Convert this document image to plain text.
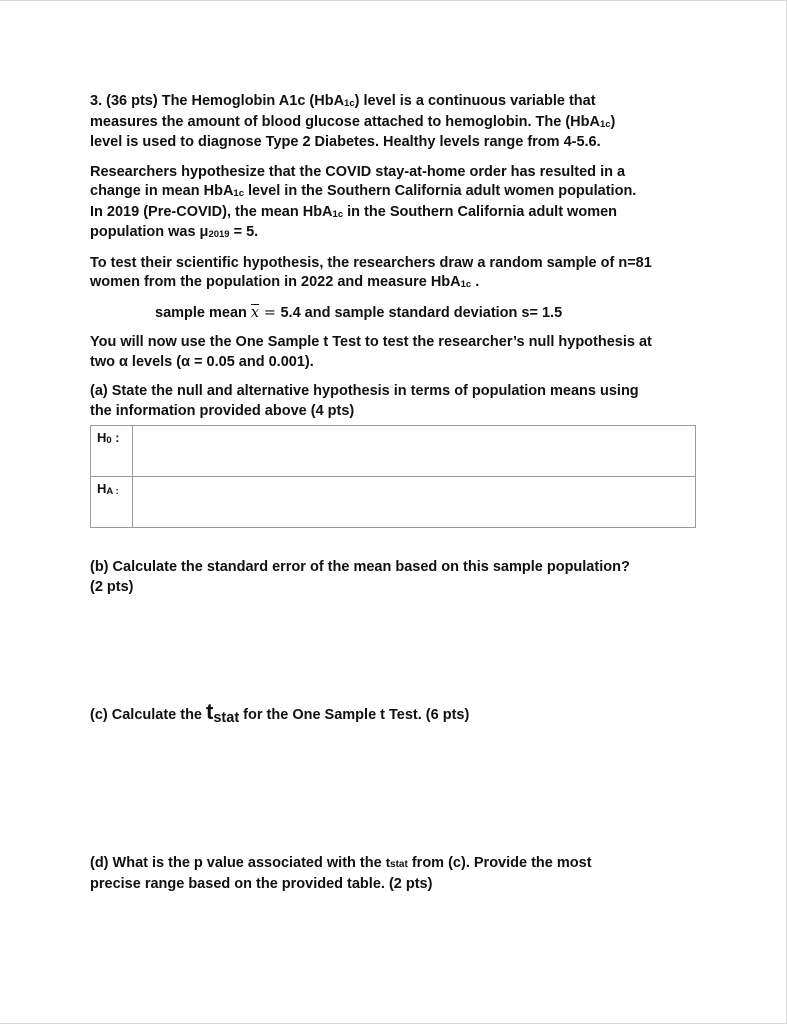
3. (36 pts) The Hemoglobin A1c (HbA1c) level is a continuous variable that
measures the amount of blood glucose attached to hemoglobin. The (HbA1c)
level is used to diagnose Type 2 Diabetes. Healthy levels range from 4-5.6.

Researchers hypothesize that the COVID stay-at-home order has resulted in a
change in mean HbA1c level in the Southern California adult women population.
In 2019 (Pre-COVID), the mean HbA1c in the Southern California adult women
population was μ2019 = 5.

To test their scientific hypothesis, the researchers draw a random sample of n=81
women from the population in 2022 and measure HbA1c .

sample mean $\overline{x} = 5.4$ and sample standard deviation s= 1.5

You will now use the One Sample t Test to test the researcher’s null hypothesis at
two α levels (α = 0.05 and 0.001).

(a) State the null and alternative hypothesis in terms of population means using
the information provided above (4 pts)

H0 :	
HA :	
(b) Calculate the standard error of the mean based on this sample population?
(2 pts)
(c) Calculate the tstat for the One Sample t Test. (6 pts)
(d) What is the p value associated with the tstat from (c). Provide the most
precise range based on the provided table. (2 pts)
